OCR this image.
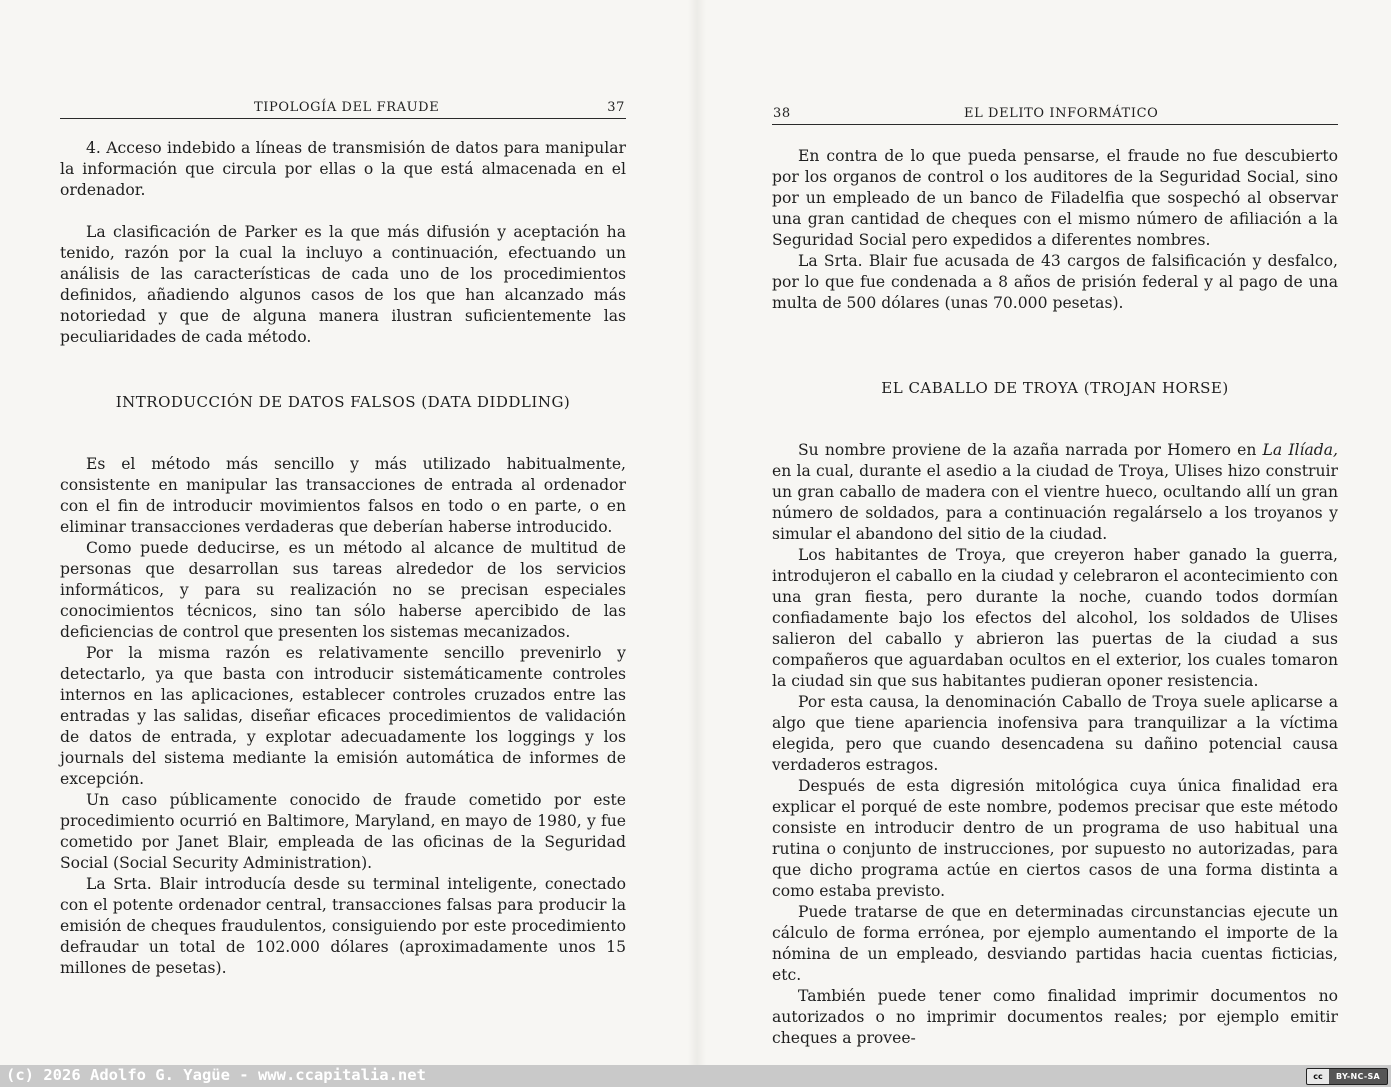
TIPOLOGÍA DEL FRAUDE	37

4. Acceso indebido a líneas de transmisión de datos para manipular la información que circula por ellas o la que está almacenada en el ordenador.

La clasificación de Parker es la que más difusión y aceptación ha tenido, razón por la cual la incluyo a continuación, efectuando un análisis de las características de cada uno de los procedimientos definidos, añadiendo algunos casos de los que han alcanzado más notoriedad y que de alguna manera ilustran suficientemente las peculiaridades de cada método.

INTRODUCCIÓN DE DATOS FALSOS (DATA DIDDLING)

Es el método más sencillo y más utilizado habitualmente, consistente en manipular las transacciones de entrada al ordenador con el fin de introducir movimientos falsos en todo o en parte, o en eliminar transacciones verdaderas que deberían haberse introducido.

Como puede deducirse, es un método al alcance de multitud de personas que desarrollan sus tareas alrededor de los servicios informáticos, y para su realización no se precisan especiales conocimientos técnicos, sino tan sólo haberse apercibido de las deficiencias de control que presenten los sistemas mecanizados.

Por la misma razón es relativamente sencillo prevenirlo y detectarlo, ya que basta con introducir sistemáticamente controles internos en las aplicaciones, establecer controles cruzados entre las entradas y las salidas, diseñar eficaces procedimientos de validación de datos de entrada, y explotar adecuadamente los loggings y los journals del sistema mediante la emisión automática de informes de excepción.

Un caso públicamente conocido de fraude cometido por este procedimiento ocurrió en Baltimore, Maryland, en mayo de 1980, y fue cometido por Janet Blair, empleada de las oficinas de la Seguridad Social (Social Security Administration).

La Srta. Blair introducía desde su terminal inteligente, conectado con el potente ordenador central, transacciones falsas para producir la emisión de cheques fraudulentos, consiguiendo por este procedimiento defraudar un total de 102.000 dólares (aproximadamente unos 15 millones de pesetas).

38	EL DELITO INFORMÁTICO

En contra de lo que pueda pensarse, el fraude no fue descubierto por los organos de control o los auditores de la Seguridad Social, sino por un empleado de un banco de Filadelfia que sospechó al observar una gran cantidad de cheques con el mismo número de afiliación a la Seguridad Social pero expedidos a diferentes nombres.

La Srta. Blair fue acusada de 43 cargos de falsificación y desfalco, por lo que fue condenada a 8 años de prisión federal y al pago de una multa de 500 dólares (unas 70.000 pesetas).

EL CABALLO DE TROYA (TROJAN HORSE)

Su nombre proviene de la azaña narrada por Homero en La Ilíada, en la cual, durante el asedio a la ciudad de Troya, Ulises hizo construir un gran caballo de madera con el vientre hueco, ocultando allí un gran número de soldados, para a continuación regalárselo a los troyanos y simular el abandono del sitio de la ciudad.

Los habitantes de Troya, que creyeron haber ganado la guerra, introdujeron el caballo en la ciudad y celebraron el acontecimiento con una gran fiesta, pero durante la noche, cuando todos dormían confiadamente bajo los efectos del alcohol, los soldados de Ulises salieron del caballo y abrieron las puertas de la ciudad a sus compañeros que aguardaban ocultos en el exterior, los cuales tomaron la ciudad sin que sus habitantes pudieran oponer resistencia.

Por esta causa, la denominación Caballo de Troya suele aplicarse a algo que tiene apariencia inofensiva para tranquilizar a la víctima elegida, pero que cuando desencadena su dañino potencial causa verdaderos estragos.

Después de esta digresión mitológica cuya única finalidad era explicar el porqué de este nombre, podemos precisar que este método consiste en introducir dentro de un programa de uso habitual una rutina o conjunto de instrucciones, por supuesto no autorizadas, para que dicho programa actúe en ciertos casos de una forma distinta a como estaba previsto.

Puede tratarse de que en determinadas circunstancias ejecute un cálculo de forma errónea, por ejemplo aumentando el importe de la nómina de un empleado, desviando partidas hacia cuentas ficticias, etc.

También puede tener como finalidad imprimir documentos no autorizados o no imprimir documentos reales; por ejemplo emitir cheques a provee-

(c) 2026 Adolfo G. Yagüe - www.ccapitalia.net	cc	BY-NC-SA
